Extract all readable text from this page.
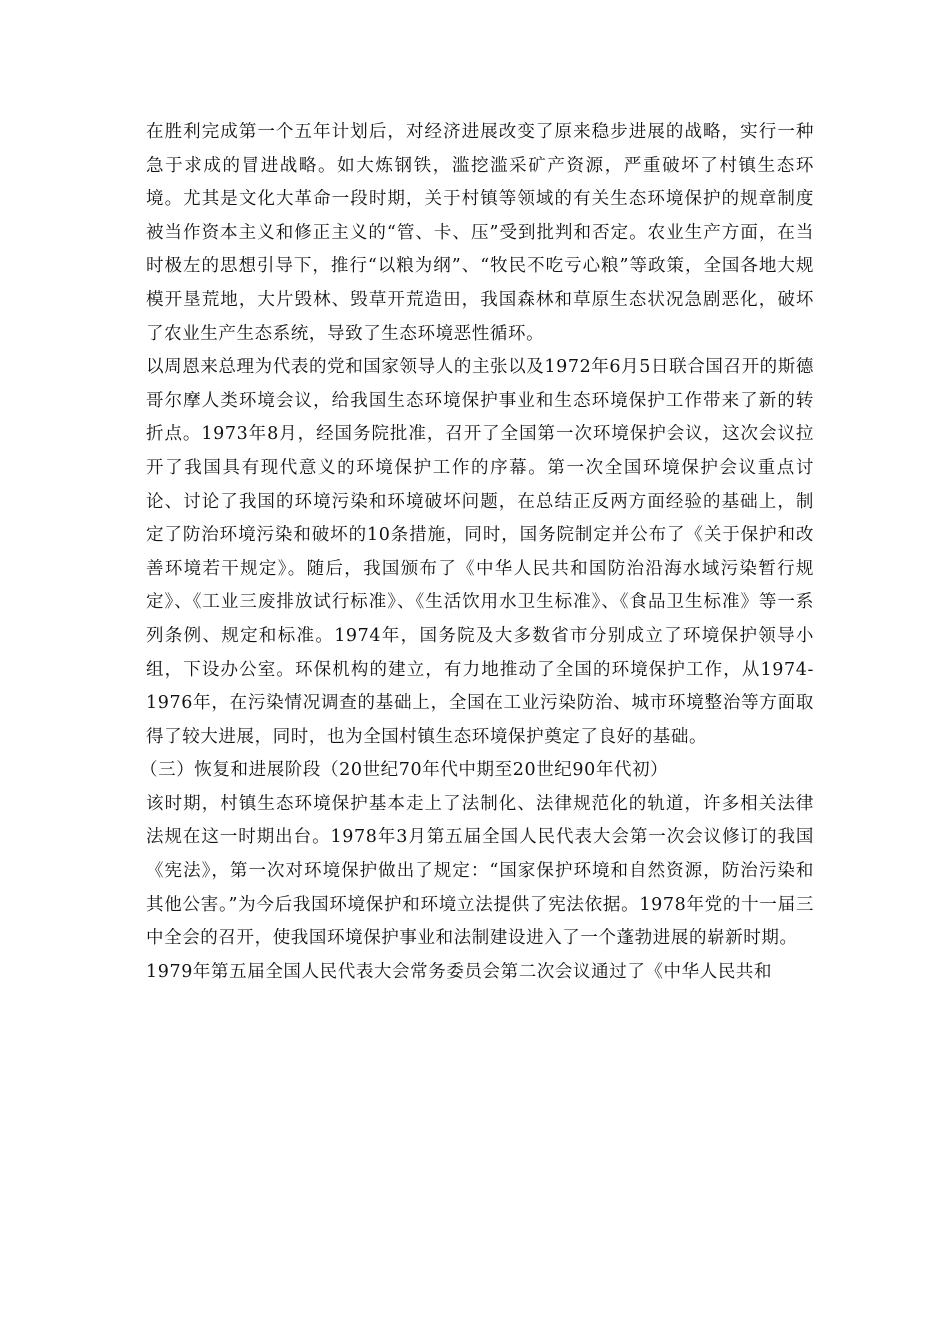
在胜利完成第一个五年计划后，对经济进展改变了原来稳步进展的战略，实行一种急于求成的冒进战略。如大炼钢铁，滥挖滥采矿产资源，严重破坏了村镇生态环境。尤其是文化大革命一段时期，关于村镇等领域的有关生态环境保护的规章制度被当作资本主义和修正主义的“管、卡、压”受到批判和否定。农业生产方面，在当时极左的思想引导下，推行“以粮为纲”、“牧民不吃亏心粮”等政策，全国各地大规模开垦荒地，大片毁林、毁草开荒造田，我国森林和草原生态状况急剧恶化，破坏了农业生产生态系统，导致了生态环境恶性循环。

以周恩来总理为代表的党和国家领导人的主张以及1972年6月5日联合国召开的斯德哥尔摩人类环境会议，给我国生态环境保护事业和生态环境保护工作带来了新的转折点。1973年8月，经国务院批准，召开了全国第一次环境保护会议，这次会议拉开了我国具有现代意义的环境保护工作的序幕。第一次全国环境保护会议重点讨论、讨论了我国的环境污染和环境破坏问题，在总结正反两方面经验的基础上，制定了防治环境污染和破坏的10条措施，同时，国务院制定并公布了《关于保护和改善环境若干规定》。随后，我国颁布了《中华人民共和国防治沿海水域污染暂行规定》、《工业三废排放试行标准》、《生活饮用水卫生标准》、《食品卫生标准》等一系列条例、规定和标准。1974年，国务院及大多数省市分别成立了环境保护领导小组，下设办公室。环保机构的建立，有力地推动了全国的环境保护工作，从1974-1976年，在污染情况调查的基础上，全国在工业污染防治、城市环境整治等方面取得了较大进展，同时，也为全国村镇生态环境保护奠定了良好的基础。

（三）恢复和进展阶段（20世纪70年代中期至20世纪90年代初）

该时期，村镇生态环境保护基本走上了法制化、法律规范化的轨道，许多相关法律法规在这一时期出台。1978年3月第五届全国人民代表大会第一次会议修订的我国《宪法》，第一次对环境保护做出了规定：“国家保护环境和自然资源，防治污染和其他公害。”为今后我国环境保护和环境立法提供了宪法依据。1978年党的十一届三中全会的召开，使我国环境保护事业和法制建设进入了一个蓬勃进展的崭新时期。

1979年第五届全国人民代表大会常务委员会第二次会议通过了《中华人民共和
